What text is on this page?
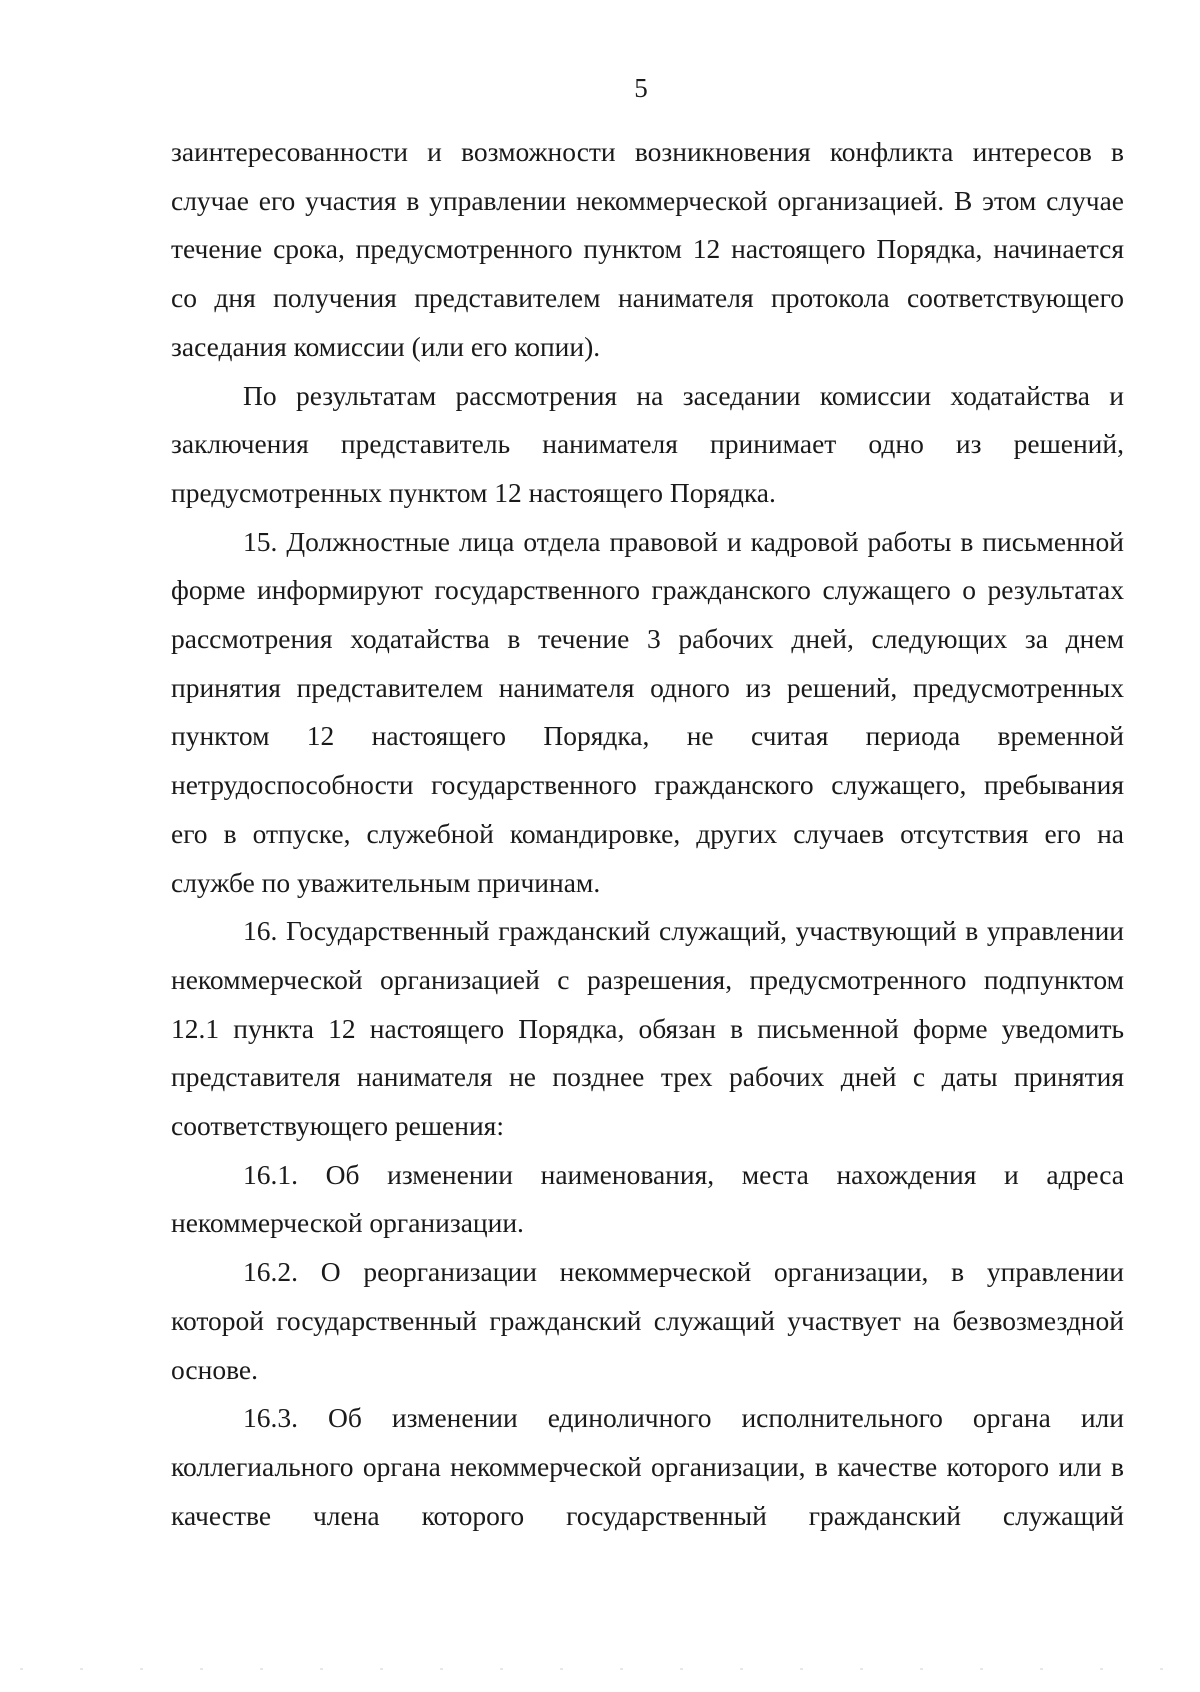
5

заинтересованности и возможности возникновения конфликта интересов в случае его участия в управлении некоммерческой организацией. В этом случае течение срока, предусмотренного пунктом 12 настоящего Порядка, начинается со дня получения представителем нанимателя протокола соответствующего заседания комиссии (или его копии).

По результатам рассмотрения на заседании комиссии ходатайства и заключения представитель нанимателя принимает одно из решений, предусмотренных пунктом 12 настоящего Порядка.

15. Должностные лица отдела правовой и кадровой работы в письменной форме информируют государственного гражданского служащего о результатах рассмотрения ходатайства в течение 3 рабочих дней, следующих за днем принятия представителем нанимателя одного из решений, предусмотренных пунктом 12 настоящего Порядка, не считая периода временной нетрудоспособности государственного гражданского служащего, пребывания его в отпуске, служебной командировке, других случаев отсутствия его на службе по уважительным причинам.

16. Государственный гражданский служащий, участвующий в управлении некоммерческой организацией с разрешения, предусмотренного подпунктом 12.1 пункта 12 настоящего Порядка, обязан в письменной форме уведомить представителя нанимателя не позднее трех рабочих дней с даты принятия соответствующего решения:

16.1. Об изменении наименования, места нахождения и адреса некоммерческой организации.

16.2. О реорганизации некоммерческой организации, в управлении которой государственный гражданский служащий участвует на безвозмездной основе.

16.3. Об изменении единоличного исполнительного органа или коллегиального органа некоммерческой организации, в качестве которого или в качестве члена которого государственный гражданский служащий
